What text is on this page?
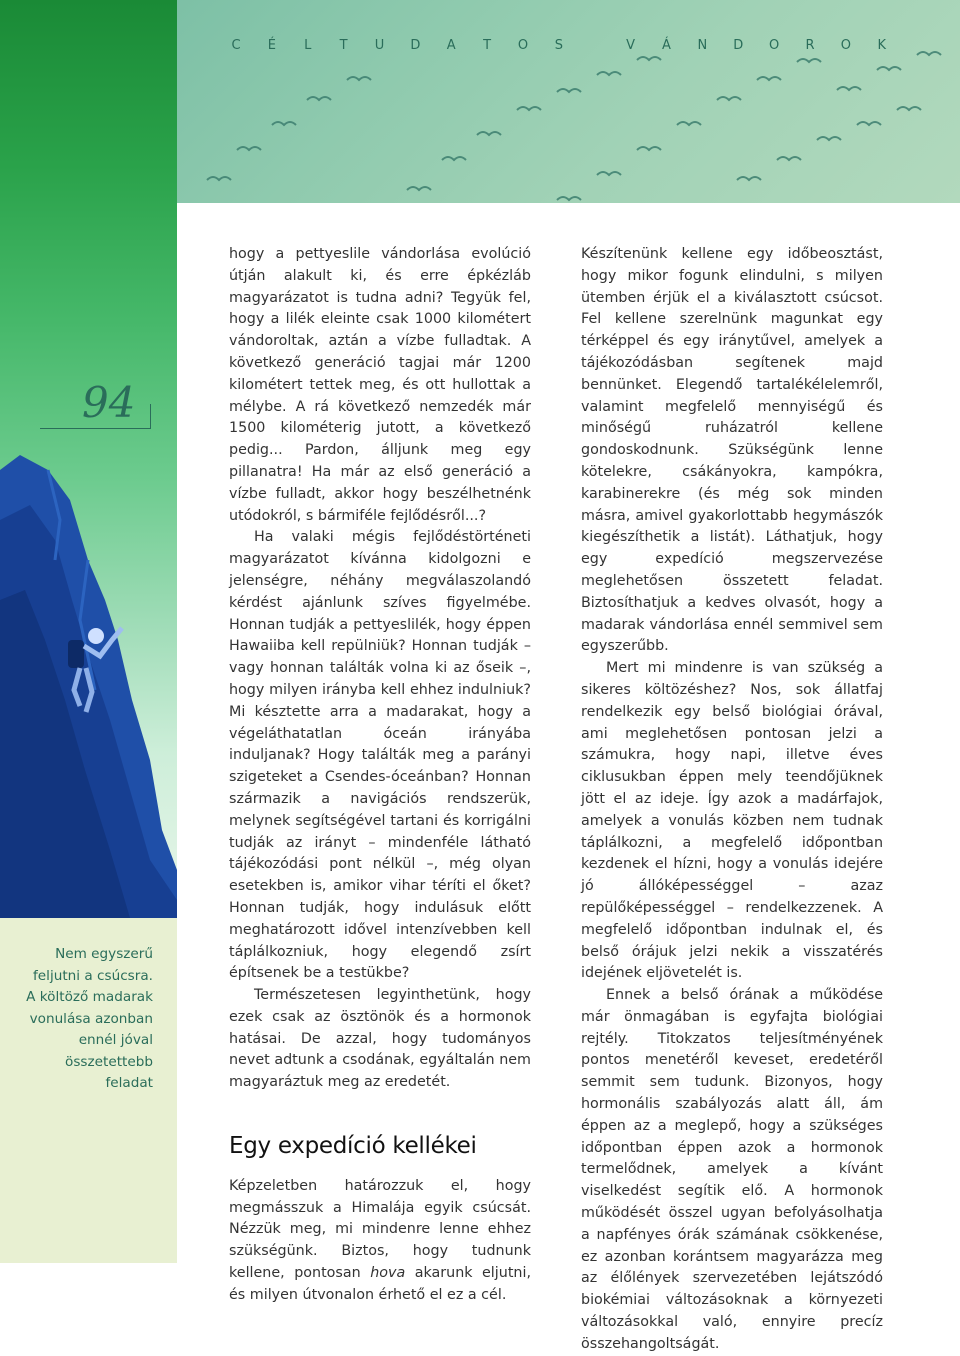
C É L T U D A T O S	V Á N D O R O K
94
Nem egyszerű feljutni a csúcsra. A költöző madarak vonulása azonban ennél jóval összetettebb feladat

hogy a pettyeslile vándorlása evolúció útján alakult ki, és erre épkézláb magyarázatot is tudna adni? Tegyük fel, hogy a lilék eleinte csak 1000 kilométert vándoroltak, aztán a vízbe fulladtak. A következő generáció tagjai már 1200 kilométert tettek meg, és ott hullottak a mélybe. A rá következő nemzedék már 1500 kilométerig jutott, a következő pedig... Pardon, álljunk meg egy pillanatra! Ha már az első generáció a vízbe fulladt, akkor hogy beszélhetnénk utódokról, s bármiféle fejlődésről...?

Ha valaki mégis fejlődéstörténeti magyarázatot kívánna kidolgozni e jelenségre, néhány megválaszolandó kérdést ajánlunk szíves figyelmébe. Honnan tudják a pettyeslilék, hogy éppen Hawaiiba kell repülniük? Honnan tudják – vagy honnan találták volna ki az őseik –, hogy milyen irányba kell ehhez indulniuk? Mi késztette arra a madarakat, hogy a végeláthatatlan óceán irányába induljanak? Hogy találták meg a parányi szigeteket a Csendes-óceánban? Honnan származik a navigációs rendszerük, melynek segítségével tartani és korrigálni tudják az irányt – mindenféle látható tájékozódási pont nélkül –, még olyan esetekben is, amikor vihar téríti el őket? Honnan tudják, hogy indulásuk előtt meghatározott idővel intenzívebben kell táplálkozniuk, hogy elegendő zsírt építsenek be a testükbe?

Természetesen legyinthetünk, hogy ezek csak az ösztönök és a hormonok hatásai. De azzal, hogy tudományos nevet adtunk a csodának, egyáltalán nem magyaráztuk meg az eredetét.

Egy expedíció kellékei

Képzeletben határozzuk el, hogy megmásszuk a Himalája egyik csúcsát. Nézzük meg, mi mindenre lenne ehhez szükségünk. Biztos, hogy tudnunk kellene, pontosan hova akarunk eljutni, és milyen útvonalon érhető el ez a cél.

Készítenünk kellene egy időbeosztást, hogy mikor fogunk elindulni, s milyen ütemben érjük el a kiválasztott csúcsot. Fel kellene szerelnünk magunkat egy térképpel és egy iránytűvel, amelyek a tájékozódásban segítenek majd bennünket. Elegendő tartalékélelemről, valamint megfelelő mennyiségű és minőségű ruházatról kellene gondoskodnunk. Szükségünk lenne kötelekre, csákányokra, kampókra, karabinerekre (és még sok minden másra, amivel gyakorlottabb hegymászók kiegészíthetik a listát). Láthatjuk, hogy egy expedíció megszervezése meglehetősen összetett feladat. Biztosíthatjuk a kedves olvasót, hogy a madarak vándorlása ennél semmivel sem egyszerűbb.

Mert mi mindenre is van szükség a sikeres költözéshez? Nos, sok állatfaj rendelkezik egy belső biológiai órával, ami meglehetősen pontosan jelzi a számukra, hogy napi, illetve éves ciklusukban éppen mely teendőjüknek jött el az ideje. Így azok a madárfajok, amelyek a vonulás közben nem tudnak táplálkozni, a megfelelő időpontban kezdenek el hízni, hogy a vonulás idejére jó állóképességgel – azaz repülőképességgel – rendelkezzenek. A megfelelő időpontban indulnak el, és belső órájuk jelzi nekik a visszatérés idejének eljövetelét is.

Ennek a belső órának a működése már önmagában is egyfajta biológiai rejtély. Titokzatos teljesítményének pontos menetéről keveset, eredetéről semmit sem tudunk. Bizonyos, hogy hormonális szabályozás alatt áll, ám éppen az a meglepő, hogy a szükséges időpontban éppen azok a hormonok termelődnek, amelyek a kívánt viselkedést segítik elő. A hormonok működését összel ugyan befolyásolhatja a napfényes órák számának csökkenése, ez azonban korántsem magyarázza meg az élőlények szervezetében lejátszódó biokémiai változásoknak a környezeti változásokkal való, ennyire precíz összehangoltságát.
